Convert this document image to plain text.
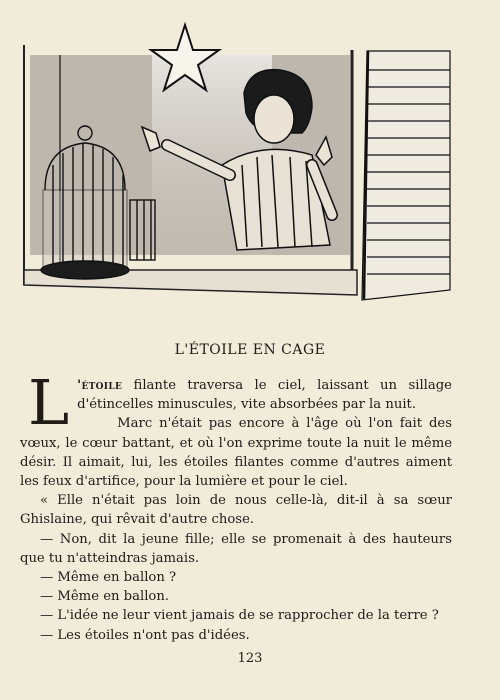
L'ÉTOILE EN CAGE

L 'étoile filante traversa le ciel, laissant un sillage d'étincelles minuscules, vite absorbées par la nuit.

Marc n'était pas encore à l'âge où l'on fait des vœux, le cœur battant, et où l'on exprime toute la nuit le même désir. Il aimait, lui, les étoiles filantes comme d'autres aiment les feux d'artifice, pour la lumière et pour le ciel.

« Elle n'était pas loin de nous celle-là, dit-il à sa sœur Ghislaine, qui rêvait d'autre chose.

— Non, dit la jeune fille; elle se promenait à des hauteurs que tu n'atteindras jamais.

— Même en ballon ?

— Même en ballon.

— L'idée ne leur vient jamais de se rapprocher de la terre ?

— Les étoiles n'ont pas d'idées.

123
